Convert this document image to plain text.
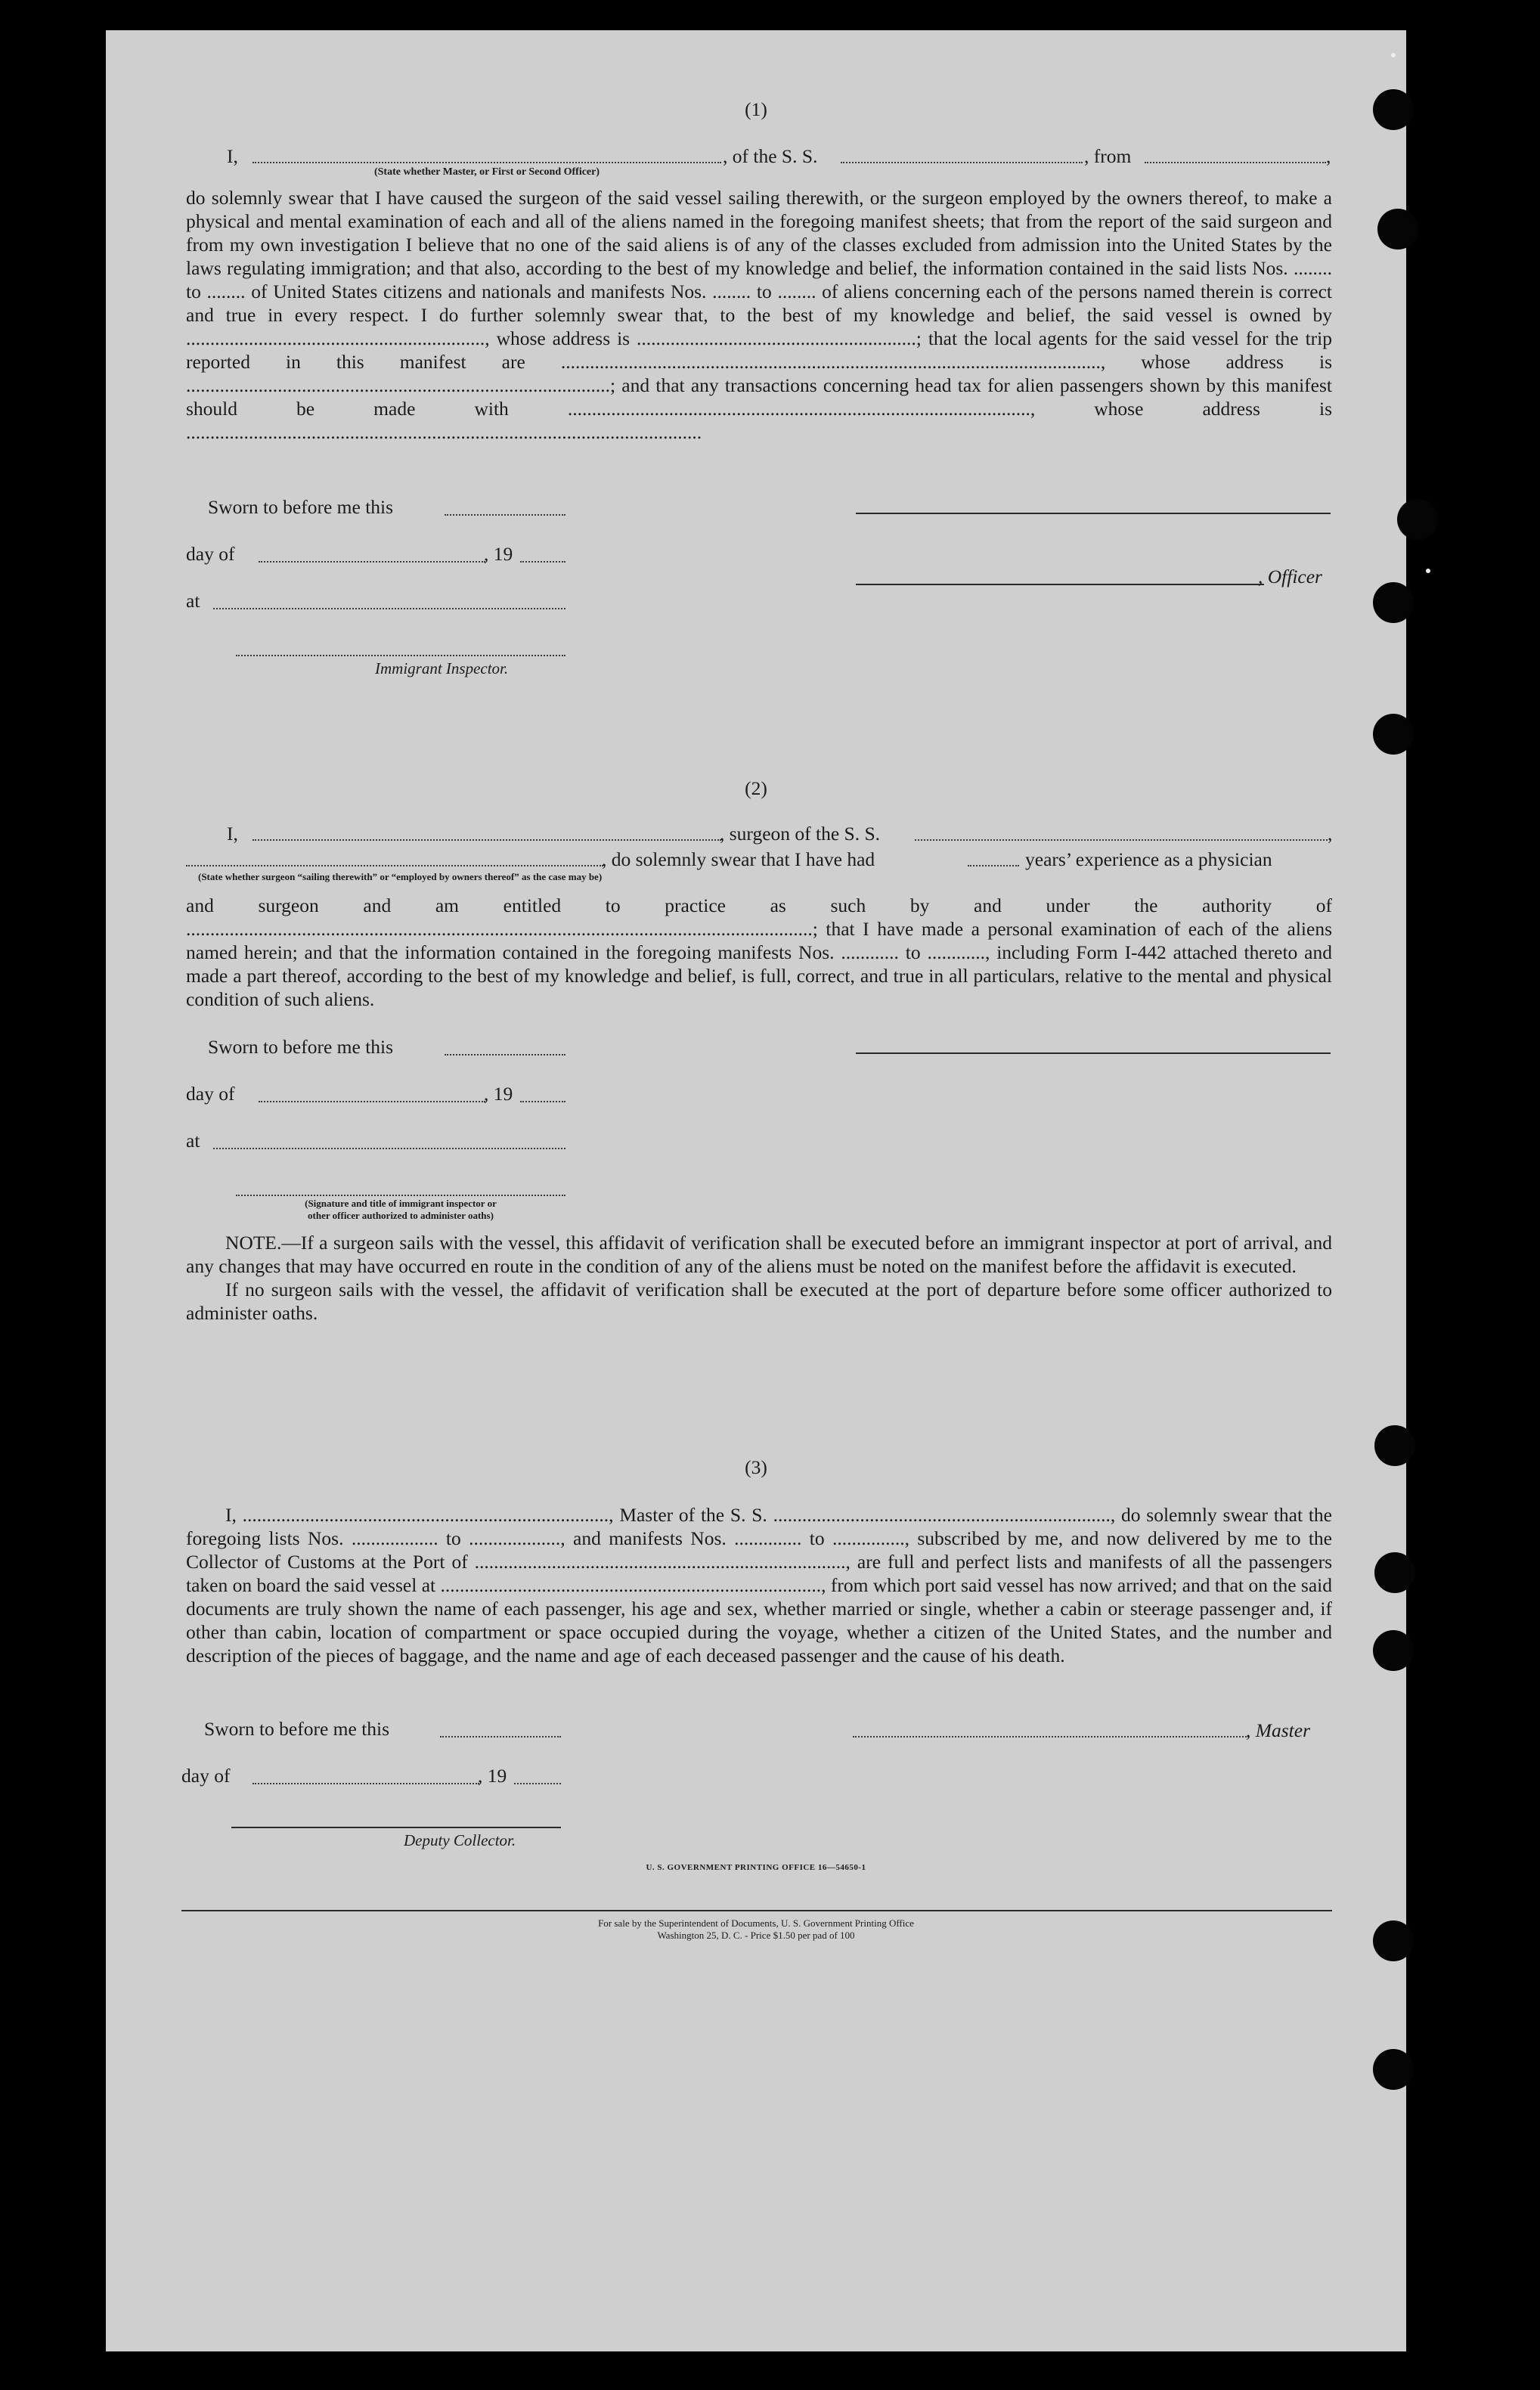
(1)
I,	, of the S. S.	, from	,
(State whether Master, or First or Second Officer)
do solemnly swear that I have caused the surgeon of the said vessel sailing therewith, or the surgeon employed by the owners thereof, to make a physical and mental examination of each and all of the aliens named in the foregoing manifest sheets; that from the report of the said surgeon and from my own investigation I believe that no one of the said aliens is of any of the classes excluded from admission into the United States by the laws regulating immigration; and that also, according to the best of my knowledge and belief, the information contained in the said lists Nos. ........ to ........ of United States citizens and nationals and manifests Nos. ........ to ........ of aliens concerning each of the persons named therein is correct and true in every respect. I do further solemnly swear that, to the best of my knowledge and belief, the said vessel is owned by .............................................................., whose address is ..........................................................; that the local agents for the said vessel for the trip reported in this manifest are ................................................................................................................, whose address is ........................................................................................; and that any transactions concerning head tax for alien passengers shown by this manifest should be made with ................................................................................................, whose address is ...........................................................................................................
Sworn to before me this
day of	, 19
, Officer
at
Immigrant Inspector.
(2)
I,	, surgeon of the S. S.	,
, do solemnly swear that I have had	years’ experience as a physician
(State whether surgeon “sailing therewith” or “employed by owners thereof” as the case may be)
and surgeon and am entitled to practice as such by and under the authority of ..................................................................................................................................; that I have made a personal examination of each of the aliens named herein; and that the information contained in the foregoing manifests Nos. ............ to ............, including Form I-442 attached thereto and made a part thereof, according to the best of my knowledge and belief, is full, correct, and true in all particulars, relative to the mental and physical condition of such aliens.
Sworn to before me this
day of	, 19
at
(Signature and title of immigrant inspector or
other officer authorized to administer oaths)

NOTE.—If a surgeon sails with the vessel, this affidavit of verification shall be executed before an immigrant inspector at port of arrival, and any changes that may have occurred en route in the condition of any of the aliens must be noted on the manifest before the affidavit is executed.

If no surgeon sails with the vessel, the affidavit of verification shall be executed at the port of departure before some officer authorized to administer oaths.

(3)
I, ............................................................................, Master of the S. S. ......................................................................, do solemnly swear that the foregoing lists Nos. .................. to ..................., and manifests Nos. .............. to ..............., subscribed by me, and now delivered by me to the Collector of Customs at the Port of ............................................................................., are full and perfect lists and manifests of all the passengers taken on board the said vessel at ..............................................................................., from which port said vessel has now arrived; and that on the said documents are truly shown the name of each passenger, his age and sex, whether married or single, whether a cabin or steerage passenger and, if other than cabin, location of compartment or space occupied during the voyage, whether a citizen of the United States, and the number and description of the pieces of baggage, and the name and age of each deceased passenger and the cause of his death.
Sworn to before me this	, Master
day of	, 19
Deputy Collector.
U. S. GOVERNMENT PRINTING OFFICE 16—54650-1
For sale by the Superintendent of Documents, U. S. Government Printing Office
Washington 25, D. C. - Price $1.50 per pad of 100
